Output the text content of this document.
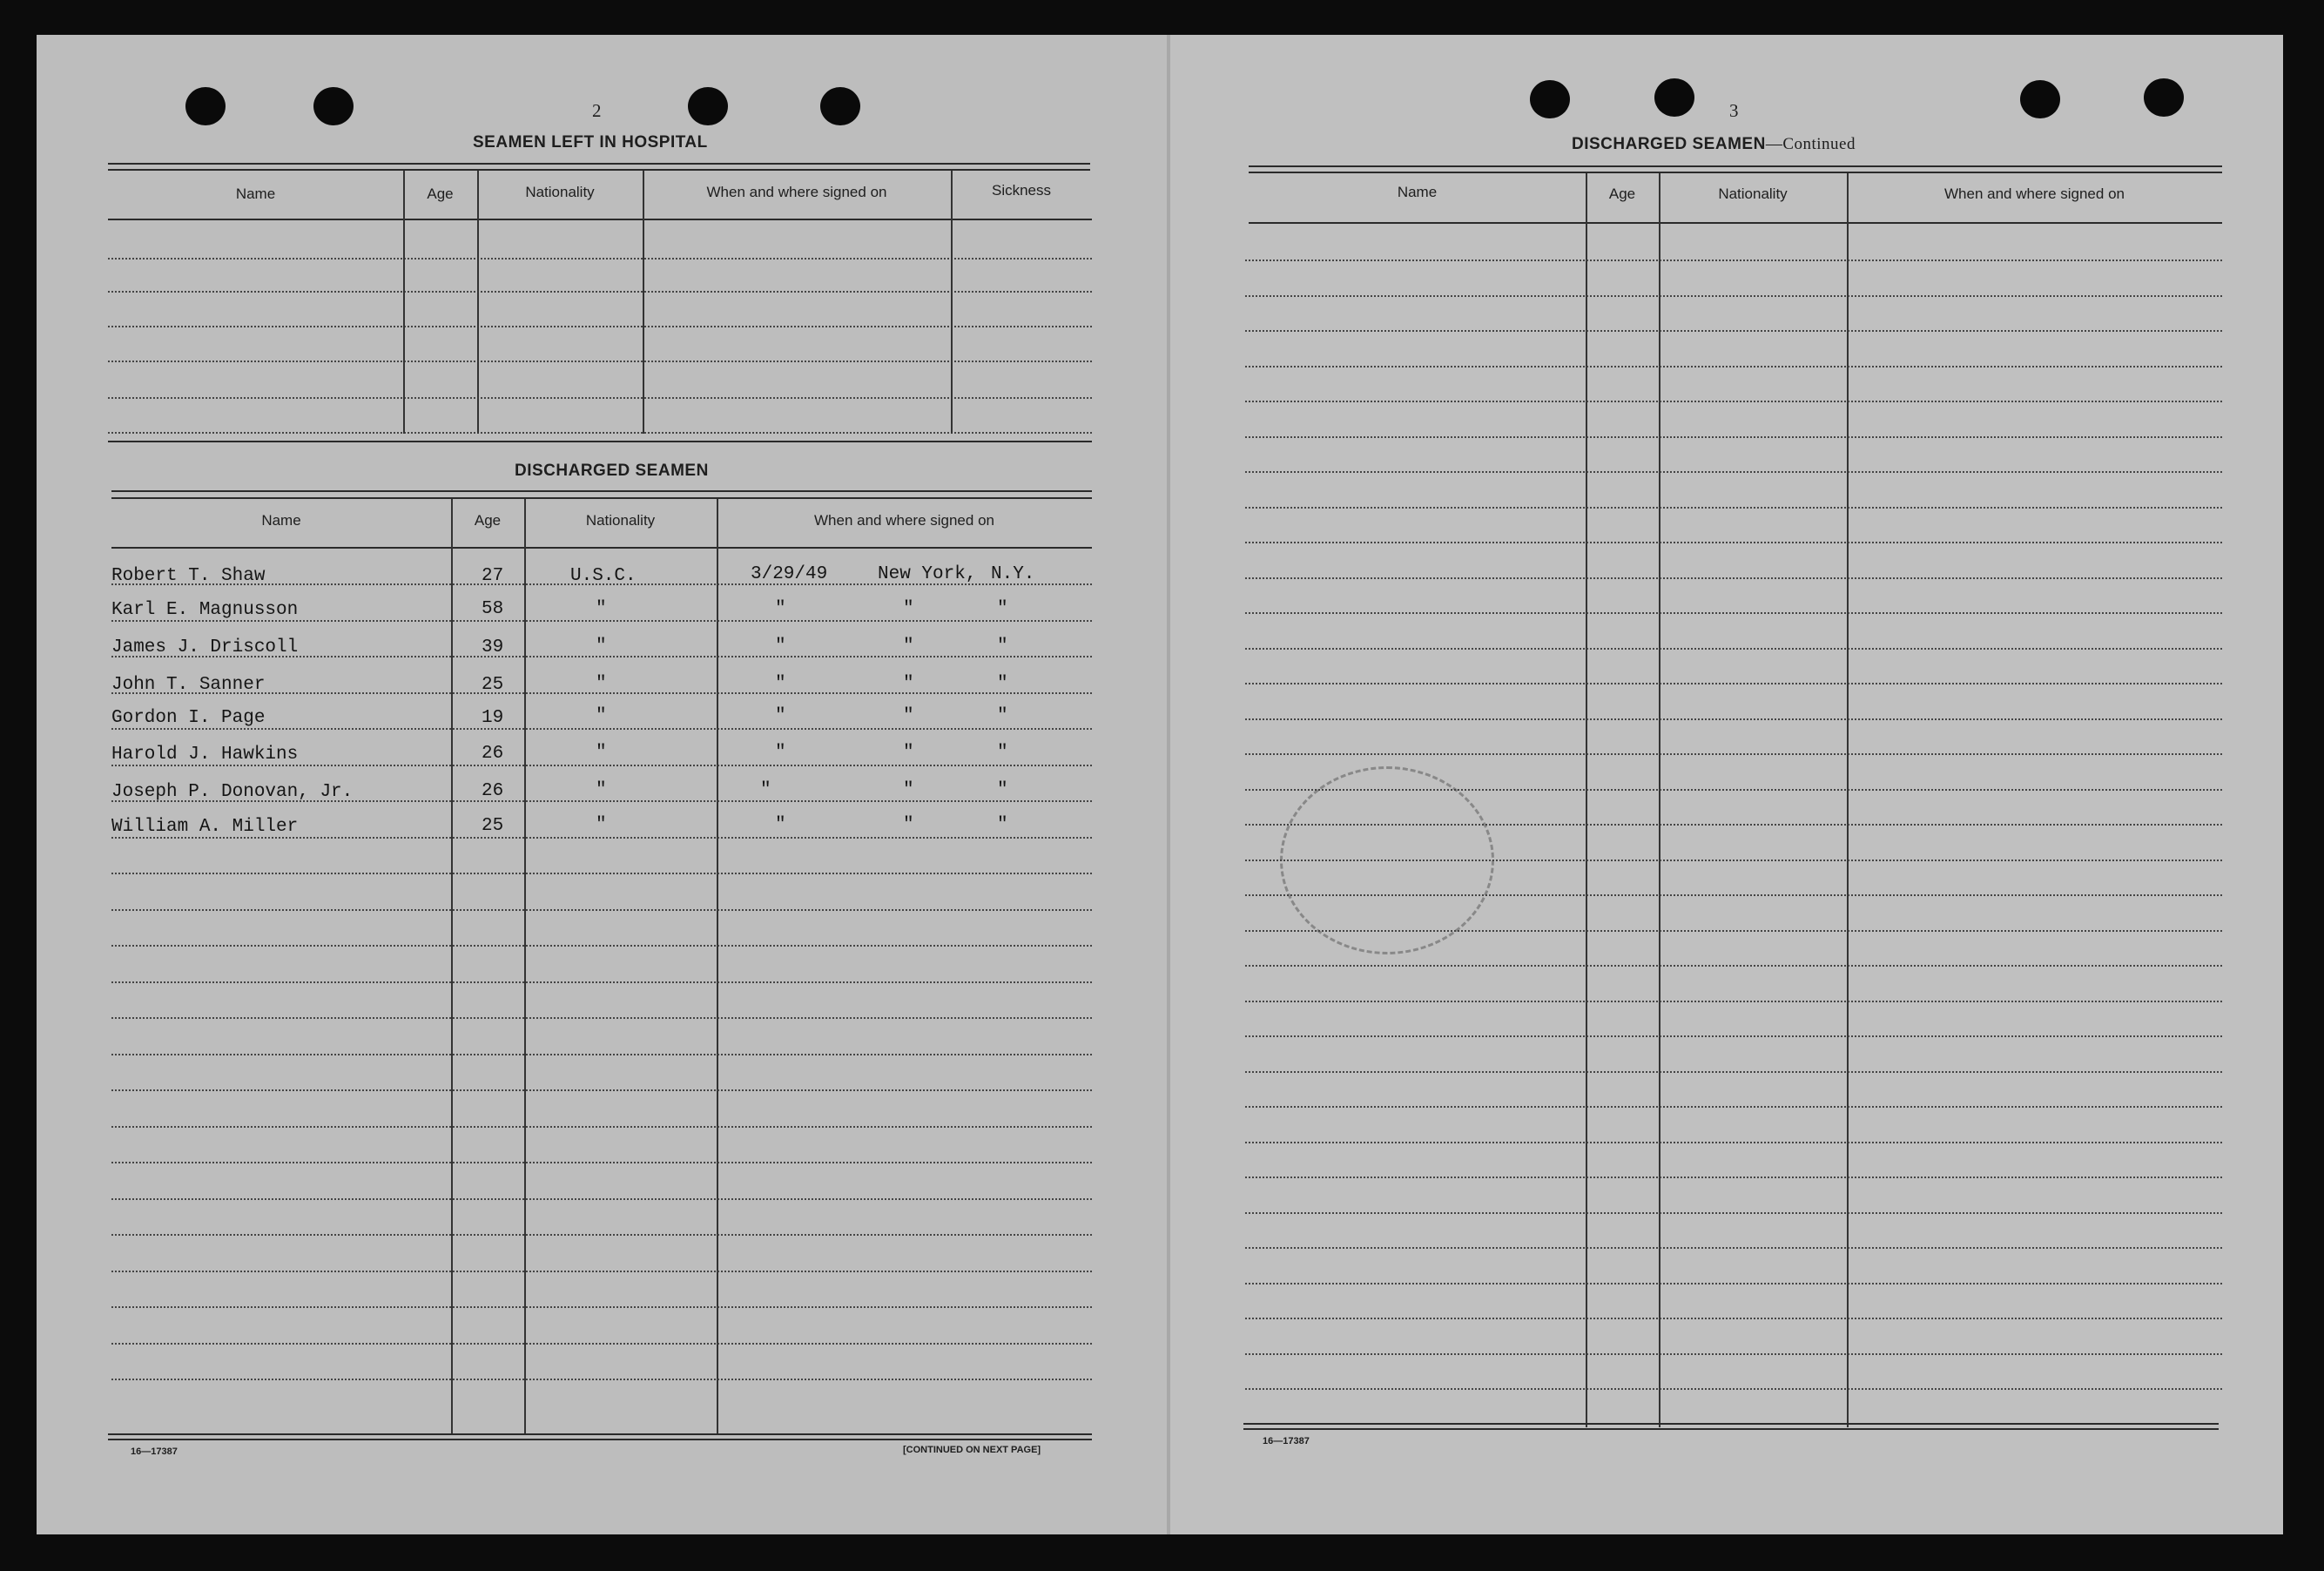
2
SEAMEN LEFT IN HOSPITAL
Name	Age	Nationality	When and where signed on	Sickness
DISCHARGED SEAMEN
Name	Age	Nationality	When and where signed on
Robert T. Shaw	27	U.S.C.	3/29/49	New York, N.Y.
Karl E. Magnusson	58	"	"	"	"
James J. Driscoll	39	"	"	"	"
John T. Sanner	25	"	"	"	"
Gordon I. Page	19	"	"	"	"
Harold J. Hawkins	26	"	"	"	"
Joseph P. Donovan, Jr.	26	"	"	"	"
William A. Miller	25	"	"	"	"
16—17387	[CONTINUED ON NEXT PAGE]
3
DISCHARGED SEAMEN—Continued
Name	Age	Nationality	When and where signed on
16—17387
